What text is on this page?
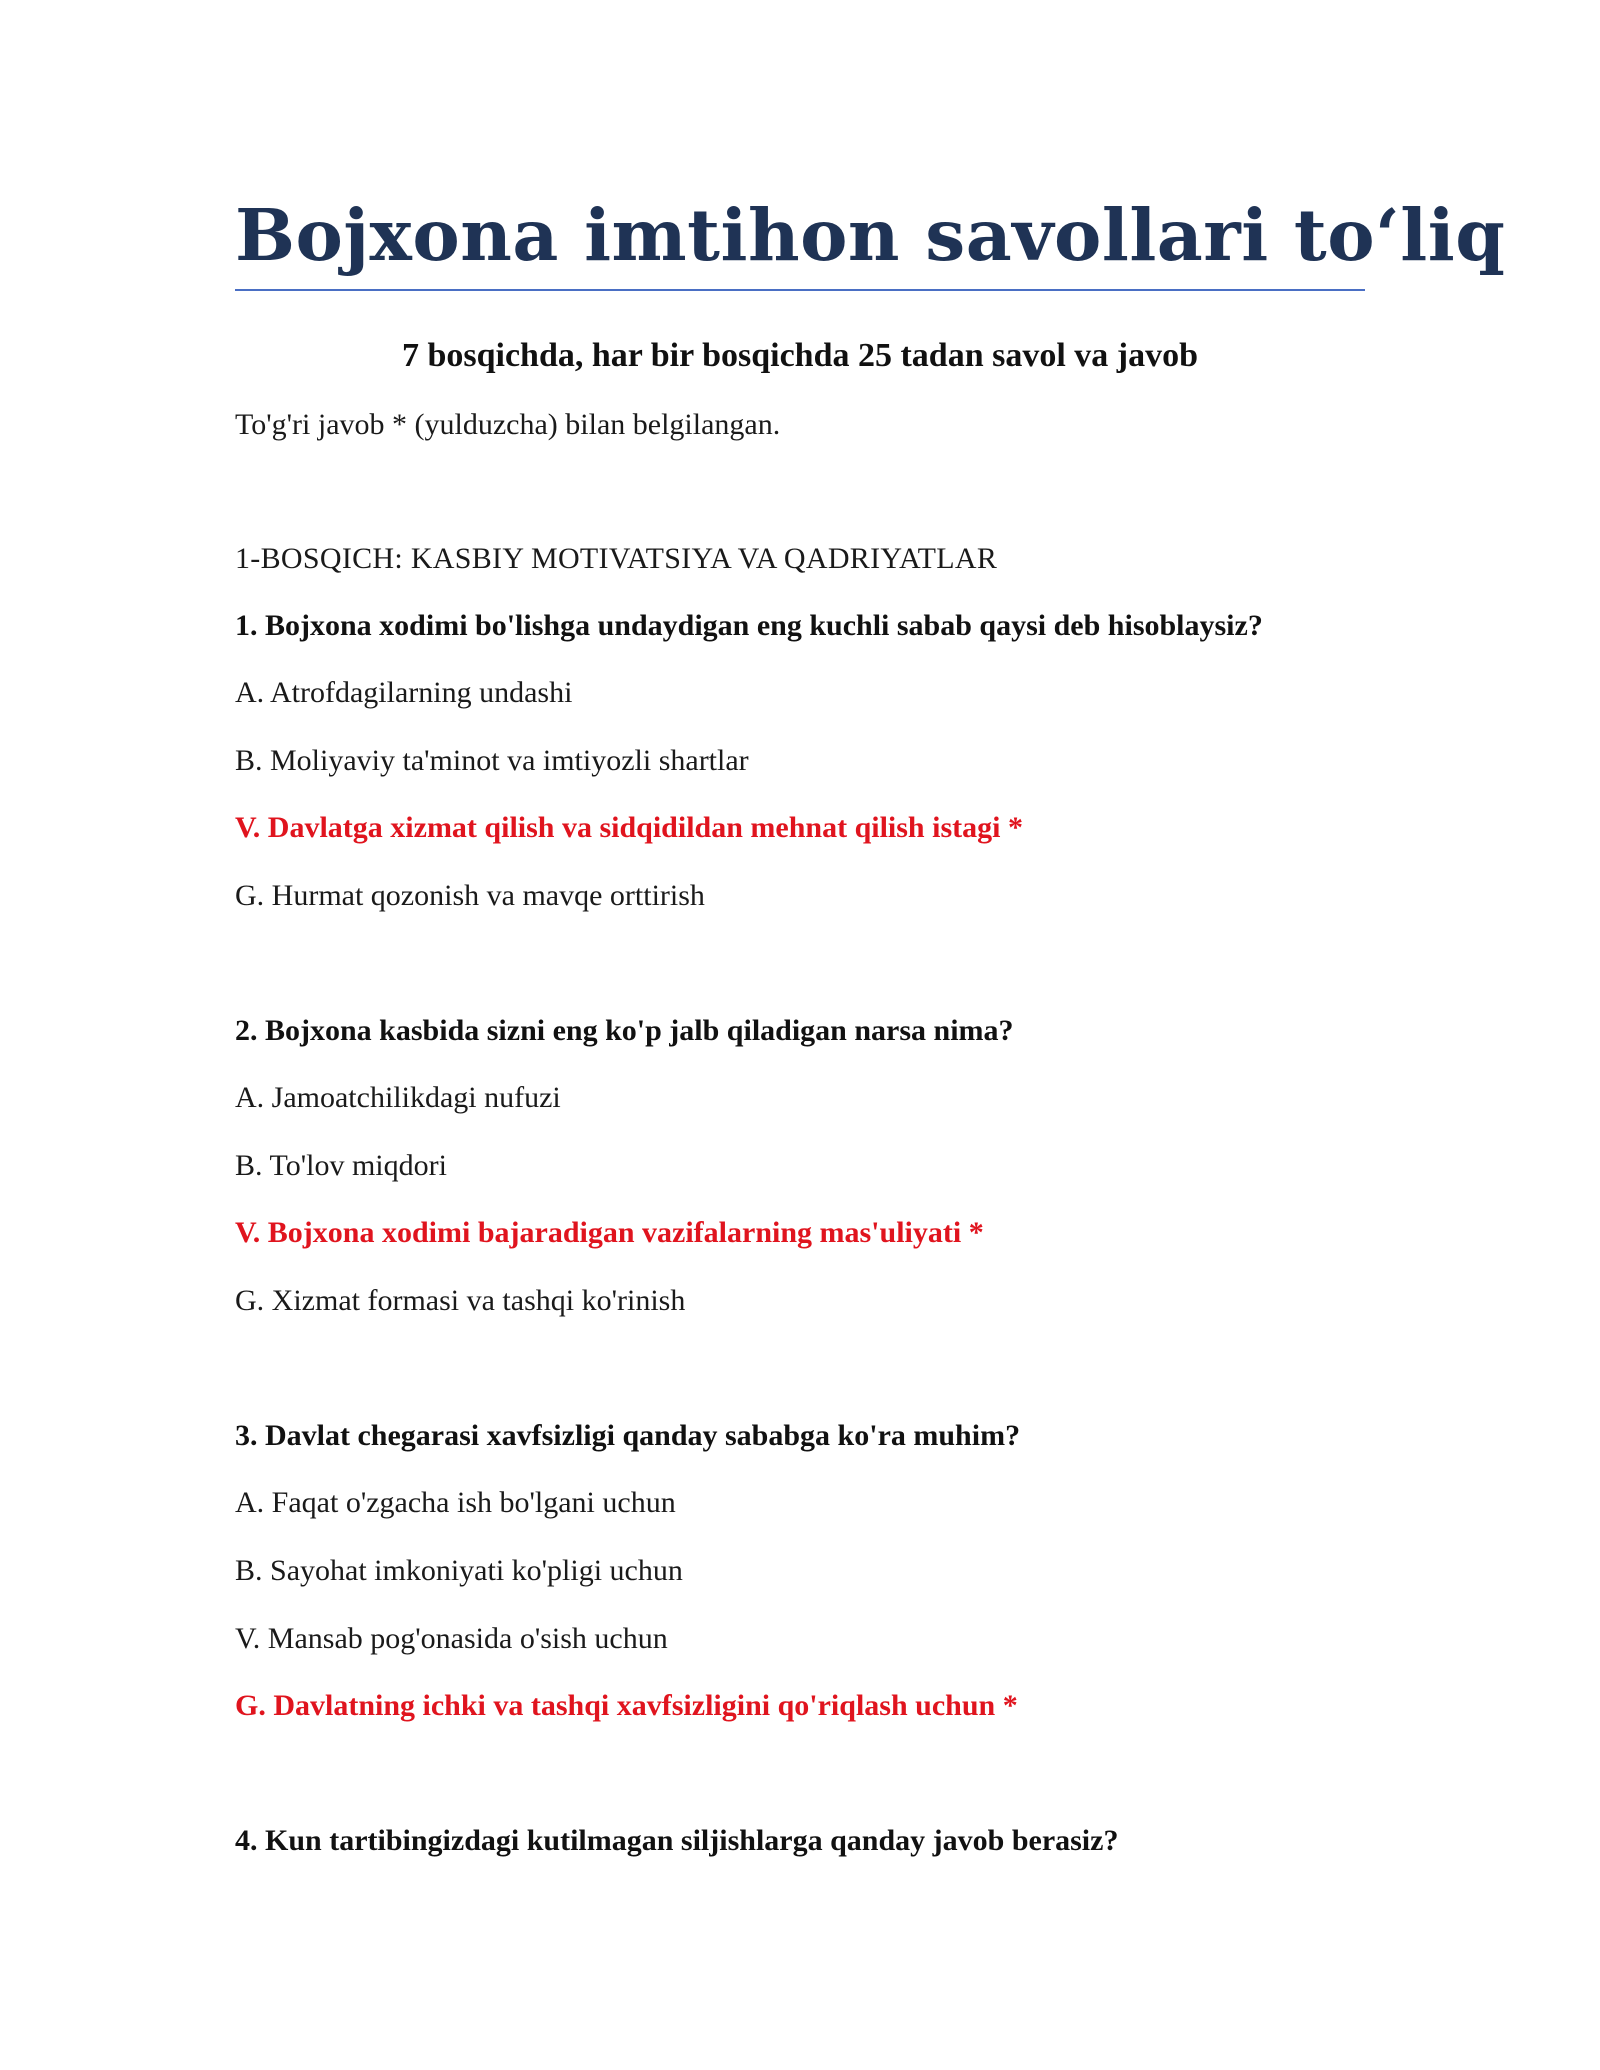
Bojxona imtihon savollari to‘liq
7 bosqichda, har bir bosqichda 25 tadan savol va javob

To'g'ri javob * (yulduzcha) bilan belgilangan.

1-BOSQICH: KASBIY MOTIVATSIYA VA QADRIYATLAR

1. Bojxona xodimi bo'lishga undaydigan eng kuchli sabab qaysi deb hisoblaysiz?

A. Atrofdagilarning undashi

B. Moliyaviy ta'minot va imtiyozli shartlar

V. Davlatga xizmat qilish va sidqidildan mehnat qilish istagi *

G. Hurmat qozonish va mavqe orttirish

2. Bojxona kasbida sizni eng ko'p jalb qiladigan narsa nima?

A. Jamoatchilikdagi nufuzi

B. To'lov miqdori

V. Bojxona xodimi bajaradigan vazifalarning mas'uliyati *

G. Xizmat formasi va tashqi ko'rinish

3. Davlat chegarasi xavfsizligi qanday sababga ko'ra muhim?

A. Faqat o'zgacha ish bo'lgani uchun

B. Sayohat imkoniyati ko'pligi uchun

V. Mansab pog'onasida o'sish uchun

G. Davlatning ichki va tashqi xavfsizligini qo'riqlash uchun *

4. Kun tartibingizdagi kutilmagan siljishlarga qanday javob berasiz?
